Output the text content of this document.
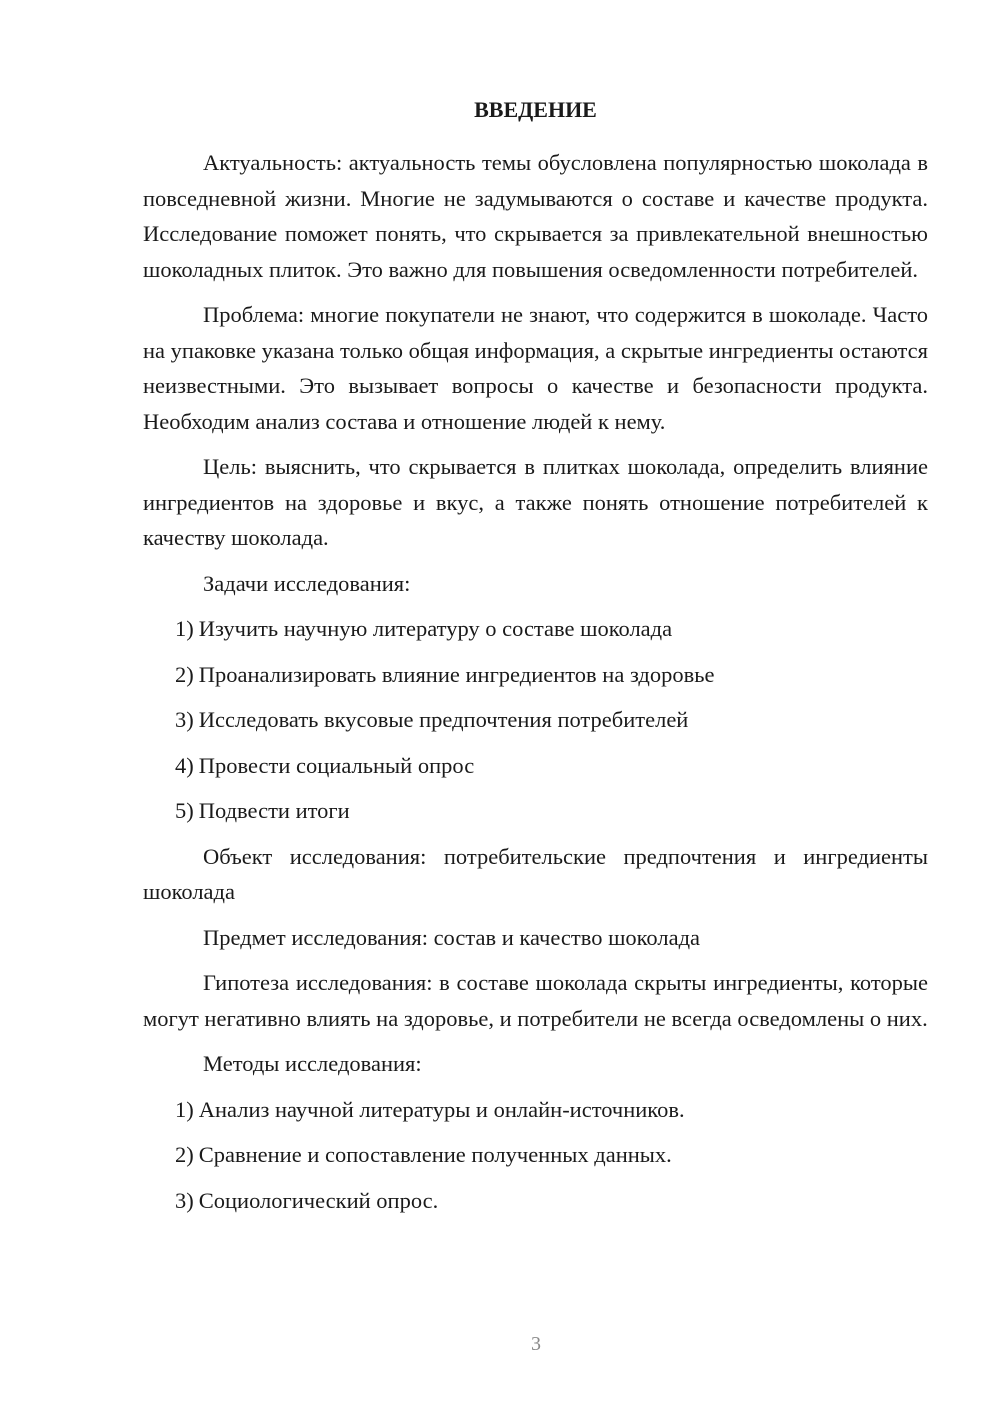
ВВЕДЕНИЕ

Актуальность: актуальность темы обусловлена популярностью шоколада в повседневной жизни. Многие не задумываются о составе и качестве продукта. Исследование поможет понять, что скрывается за привлекательной внешностью шоколадных плиток. Это важно для повышения осведомленности потребителей.

Проблема: многие покупатели не знают, что содержится в шоколаде. Часто на упаковке указана только общая информация, а скрытые ингредиенты остаются неизвестными. Это вызывает вопросы о качестве и безопасности продукта. Необходим анализ состава и отношение людей к нему.

Цель: выяснить, что скрывается в плитках шоколада, определить влияние ингредиентов на здоровье и вкус, а также понять отношение потребителей к качеству шоколада.

Задачи исследования:

1) Изучить научную литературу о составе шоколада
2) Проанализировать влияние ингредиентов на здоровье
3) Исследовать вкусовые предпочтения потребителей
4) Провести социальный опрос
5) Подвести итоги

Объект исследования: потребительские предпочтения и ингредиенты шоколада

Предмет исследования: состав и качество шоколада

Гипотеза исследования: в составе шоколада скрыты ингредиенты, которые могут негативно влиять на здоровье, и потребители не всегда осведомлены о них.

Методы исследования:

1) Анализ научной литературы и онлайн-источников.
2) Сравнение и сопоставление полученных данных.
3) Социологический опрос.
3
